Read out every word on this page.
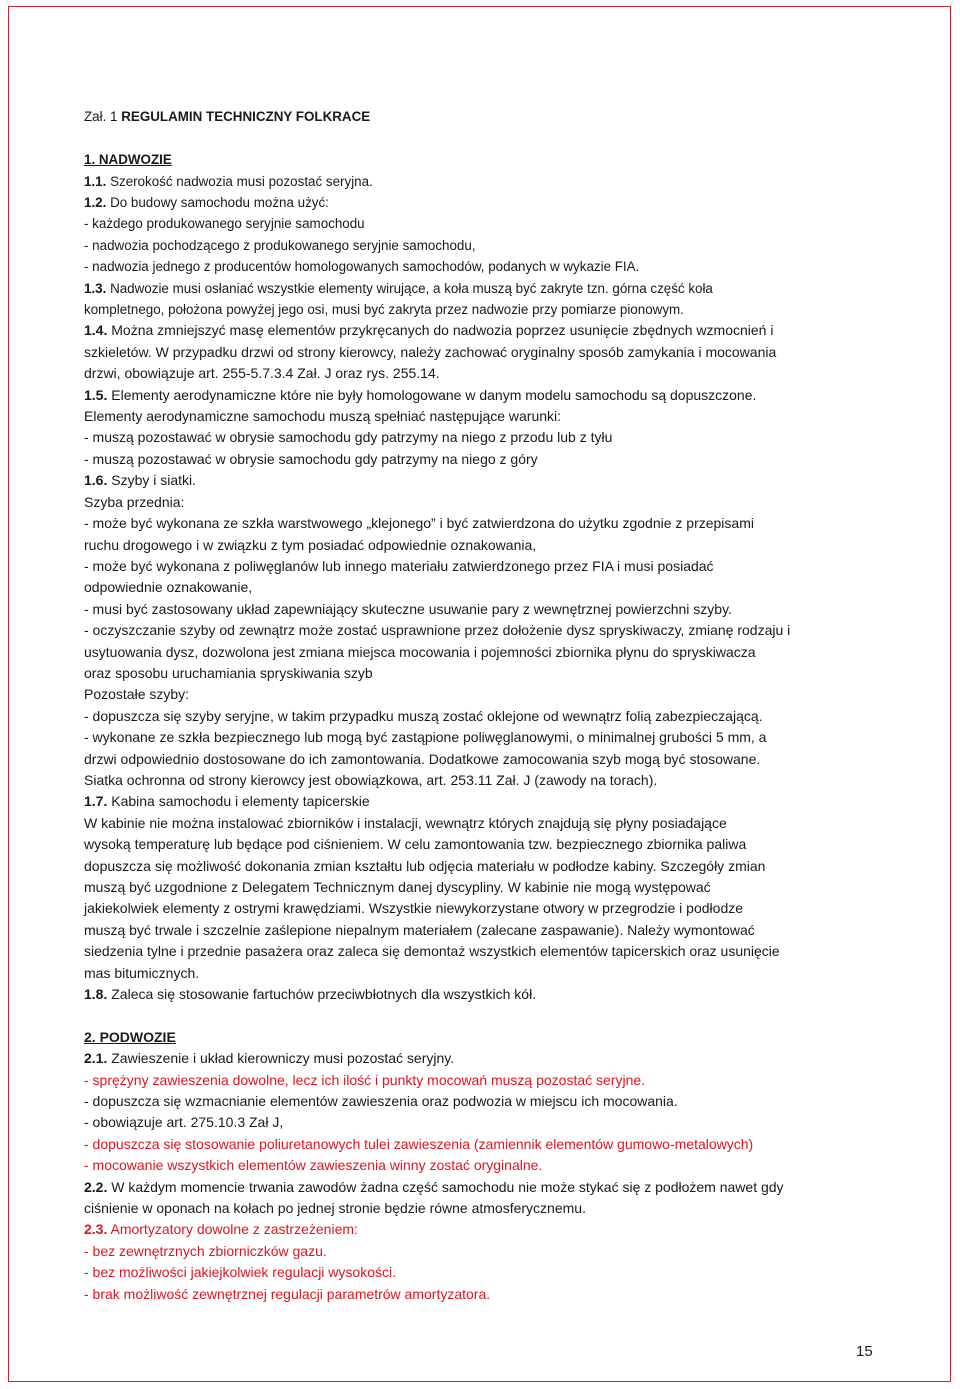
Zał. 1 REGULAMIN TECHNICZNY FOLKRACE
1. NADWOZIE
1.1. Szerokość nadwozia musi pozostać seryjna.
1.2. Do budowy samochodu można użyć:
- każdego produkowanego seryjnie samochodu
- nadwozia pochodzącego z produkowanego seryjnie samochodu,
- nadwozia jednego z producentów homologowanych samochodów, podanych w wykazie FIA.
1.3. Nadwozie musi osłaniać wszystkie elementy wirujące, a koła muszą być zakryte tzn. górna część koła
kompletnego, położona powyżej jego osi, musi być zakryta przez nadwozie przy pomiarze pionowym.
1.4. Można zmniejszyć masę elementów przykręcanych do nadwozia poprzez usunięcie zbędnych wzmocnień i
szkieletów. W przypadku drzwi od strony kierowcy, należy zachować oryginalny sposób zamykania i mocowania
drzwi, obowiązuje art. 255-5.7.3.4 Zał. J oraz rys. 255.14.
1.5. Elementy aerodynamiczne które nie były homologowane w danym modelu samochodu są dopuszczone.
Elementy aerodynamiczne samochodu muszą spełniać następujące warunki:
- muszą pozostawać w obrysie samochodu gdy patrzymy na niego z przodu lub z tyłu
- muszą pozostawać w obrysie samochodu gdy patrzymy na niego z góry
1.6. Szyby i siatki.
Szyba przednia:
- może być wykonana ze szkła warstwowego „klejonego” i być zatwierdzona do użytku zgodnie z przepisami
ruchu drogowego i w związku z tym posiadać odpowiednie oznakowania,
- może być wykonana z poliwęglanów lub innego materiału zatwierdzonego przez FIA i musi posiadać
odpowiednie oznakowanie,
- musi być zastosowany układ zapewniający skuteczne usuwanie pary z wewnętrznej powierzchni szyby.
- oczyszczanie szyby od zewnątrz może zostać usprawnione przez dołożenie dysz spryskiwaczy, zmianę rodzaju i
usytuowania dysz, dozwolona jest zmiana miejsca mocowania i pojemności zbiornika płynu do spryskiwacza
oraz sposobu uruchamiania spryskiwania szyb
Pozostałe szyby:
- dopuszcza się szyby seryjne, w takim przypadku muszą zostać oklejone od wewnątrz folią zabezpieczającą.
- wykonane ze szkła bezpiecznego lub mogą być zastąpione poliwęglanowymi, o minimalnej grubości 5 mm, a
drzwi odpowiednio dostosowane do ich zamontowania. Dodatkowe zamocowania szyb mogą być stosowane.
Siatka ochronna od strony kierowcy jest obowiązkowa, art. 253.11 Zał. J (zawody na torach).
1.7. Kabina samochodu i elementy tapicerskie
W kabinie nie można instalować zbiorników i instalacji, wewnątrz których znajdują się płyny posiadające
wysoką temperaturę lub będące pod ciśnieniem. W celu zamontowania tzw. bezpiecznego zbiornika paliwa
dopuszcza się możliwość dokonania zmian kształtu lub odjęcia materiału w podłodze kabiny. Szczegóły zmian
muszą być uzgodnione z Delegatem Technicznym danej dyscypliny. W kabinie nie mogą występować
jakiekolwiek elementy z ostrymi krawędziami. Wszystkie niewykorzystane otwory w przegrodzie i podłodze
muszą być trwale i szczelnie zaślepione niepalnym materiałem (zalecane zaspawanie). Należy wymontować
siedzenia tylne i przednie pasażera oraz zaleca się demontaż wszystkich elementów tapicerskich oraz usunięcie
mas bitumicznych.
1.8. Zaleca się stosowanie fartuchów przeciwbłotnych dla wszystkich kół.
2. PODWOZIE
2.1. Zawieszenie i układ kierowniczy musi pozostać seryjny.
- sprężyny zawieszenia dowolne, lecz ich ilość i punkty mocowań muszą pozostać seryjne.
- dopuszcza się wzmacnianie elementów zawieszenia oraz podwozia w miejscu ich mocowania.
- obowiązuje art. 275.10.3 Zał J,
- dopuszcza się stosowanie poliuretanowych tulei zawieszenia (zamiennik elementów gumowo-metalowych)
- mocowanie wszystkich elementów zawieszenia winny zostać oryginalne.
2.2. W każdym momencie trwania zawodów żadna część samochodu nie może stykać się z podłożem nawet gdy
ciśnienie w oponach na kołach po jednej stronie będzie równe atmosferycznemu.
2.3. Amortyzatory dowolne z zastrzeżeniem:
- bez zewnętrznych zbiorniczków gazu.
- bez możliwości jakiejkolwiek regulacji wysokości.
- brak możliwość zewnętrznej regulacji parametrów amortyzatora.
15
